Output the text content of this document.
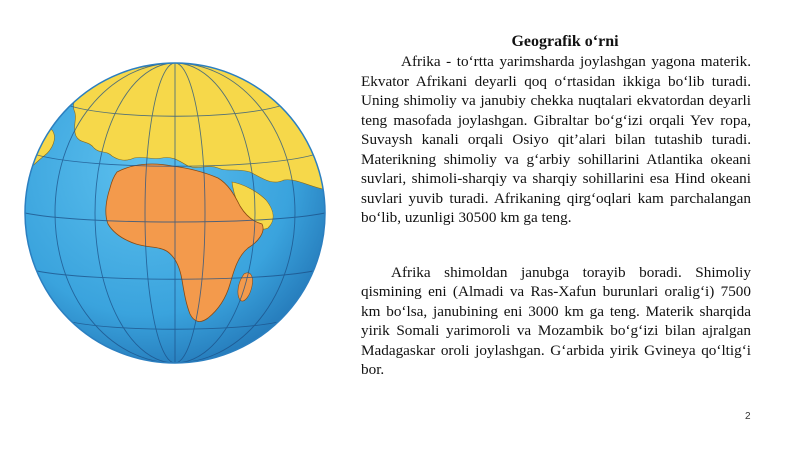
Geografik o‘rni

Afrika - to‘rtta yarimsharda joylashgan yagona materik. Ekvator Afrikani deyarli qoq o‘rtasidan ikkiga bo‘lib turadi. Uning shimoliy va janubiy chekka nuqtalari ekvatordan deyarli teng masofada joylashgan. Gibraltar bo‘g‘izi orqali Yev ropa, Suvaysh kanali orqali Osiyo qit’alari bilan tutashib turadi. Materikning shimoliy va g‘arbiy sohillarini Atlantika okeani suvlari, shimoli-sharqiy va sharqiy sohillarini esa Hind okeani suvlari yuvib turadi. Afrikaning qirg‘oqlari kam parchalangan bo‘lib, uzunligi 30500 km ga teng.

Afrika shimoldan janubga torayib boradi. Shimoliy qismining eni (Almadi va Ras-Xafun burunlari oralig‘i) 7500 km bo‘lsa, janubining eni 3000 km ga teng. Materik sharqida yirik Somali yarimoroli va Mozambik bo‘g‘izi bilan ajralgan Madagaskar oroli joylashgan. G‘arbida yirik Gvineya qo‘ltig‘i bor.

2
